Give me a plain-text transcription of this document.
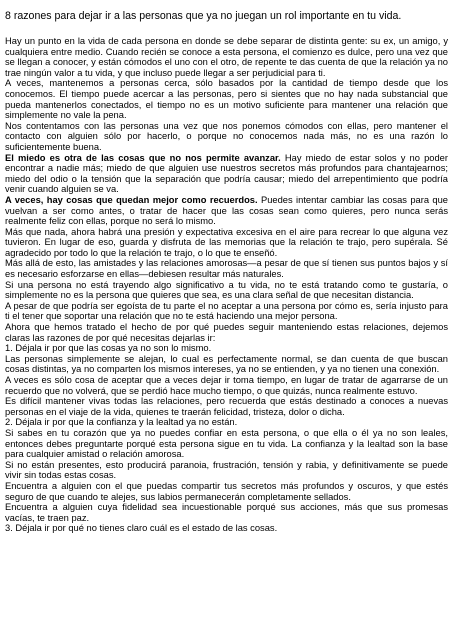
8 razones para dejar ir a las personas que ya no juegan un rol importante en tu vida.

Hay un punto en la vida de cada persona en donde se debe separar de distinta gente: su ex, un amigo, y cualquiera entre medio. Cuando recién se conoce a esta persona, el comienzo es dulce, pero una vez que se llegan a conocer, y están cómodos el uno con el otro, de repente te das cuenta de que la relación ya no trae ningún valor a tu vida, y que incluso puede llegar a ser perjudicial para ti.

A veces, mantenemos a personas cerca, sólo basados por la cantidad de tiempo desde que los conocemos. El tiempo puede acercar a las personas, pero si sientes que no hay nada substancial que pueda mantenerlos conectados, el tiempo no es un motivo suficiente para mantener una relación que simplemente no vale la pena.

Nos contentamos con las personas una vez que nos ponemos cómodos con ellas, pero mantener el contacto con alguien sólo por hacerlo, o porque no conocemos nada más, no es una razón lo suficientemente buena.

El miedo es otra de las cosas que no nos permite avanzar. Hay miedo de estar solos y no poder encontrar a nadie más; miedo de que alguien use nuestros secretos más profundos para chantajearnos; miedo del odio o la tensión que la separación que podría causar; miedo del arrepentimiento que podría venir cuando alguien se va.

A veces, hay cosas que quedan mejor como recuerdos. Puedes intentar cambiar las cosas para que vuelvan a ser como antes, o tratar de hacer que las cosas sean como quieres, pero nunca serás realmente feliz con ellas, porque no será lo mismo.

Más que nada, ahora habrá una presión y expectativa excesiva en el aire para recrear lo que alguna vez tuvieron. En lugar de eso, guarda y disfruta de las memorias que la relación te trajo, pero supérala. Sé agradecido por todo lo que la relación te trajo, o lo que te enseñó.

Más allá de esto, las amistades y las relaciones amorosas—a pesar de que sí tienen sus puntos bajos y sí es necesario esforzarse en ellas—debiesen resultar más naturales.

Si una persona no está trayendo algo significativo a tu vida, no te está tratando como te gustaría, o simplemente no es la persona que quieres que sea, es una clara señal de que necesitan distancia.

A pesar de que podría ser egoísta de tu parte el no aceptar a una persona por cómo es, sería injusto para ti el tener que soportar una relación que no te está haciendo una mejor persona.

Ahora que hemos tratado el hecho de por qué puedes seguir manteniendo estas relaciones, dejemos claras las razones de por qué necesitas dejarlas ir:

1. Déjala ir por que las cosas ya no son lo mismo.

Las personas simplemente se alejan, lo cual es perfectamente normal, se dan cuenta de que buscan cosas distintas, ya no comparten los mismos intereses, ya no se entienden, y ya no tienen una conexión.

A veces es sólo cosa de aceptar que a veces dejar ir toma tiempo, en lugar de tratar de agarrarse de un recuerdo que no volverá, que se perdió hace mucho tiempo, o que quizás, nunca realmente estuvo.

Es difícil mantener vivas todas las relaciones, pero recuerda que estás destinado a conoces a nuevas personas en el viaje de la vida, quienes te traerán felicidad, tristeza, dolor o dicha.

2. Déjala ir por que la confianza y la lealtad ya no están.

Si sabes en tu corazón que ya no puedes confiar en esta persona, o que ella o él ya no son leales, entonces debes preguntarte porqué esta persona sigue en tu vida. La confianza y la lealtad son la base para cualquier amistad o relación amorosa.

Si no están presentes, esto producirá paranoia, frustración, tensión y rabia, y definitivamente se puede vivir sin todas estas cosas.

Encuentra a alguien con el que puedas compartir tus secretos más profundos y oscuros, y que estés seguro de que cuando te alejes, sus labios permanecerán completamente sellados.

Encuentra a alguien cuya fidelidad sea incuestionable porqué sus acciones, más que sus promesas vacías, te traen paz.

3. Déjala ir por qué no tienes claro cuál es el estado de las cosas.
